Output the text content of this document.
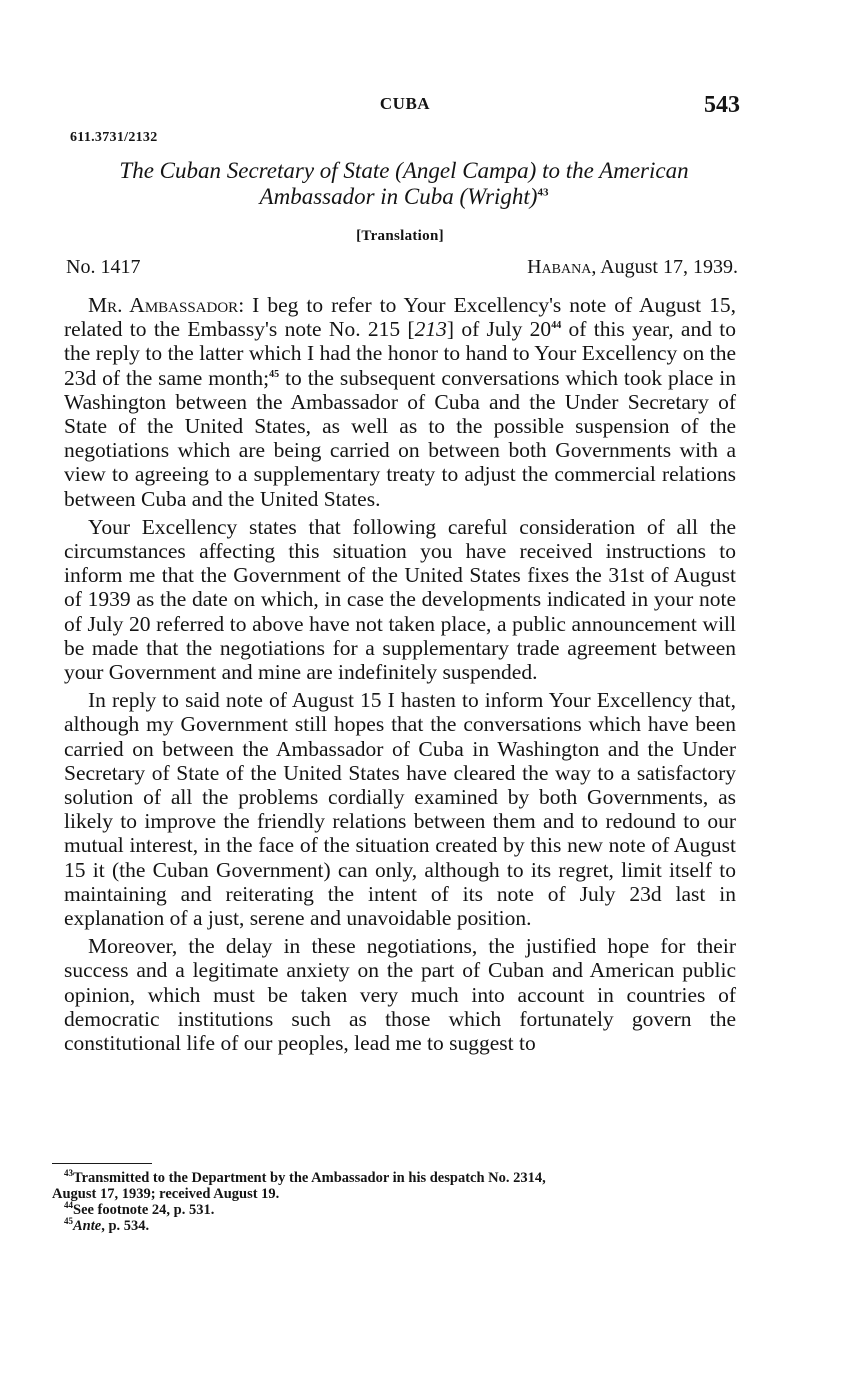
CUBA	543
611.3731/2132
The Cuban Secretary of State (Angel Campa) to the American
Ambassador in Cuba (Wright)$^{43}$
[Translation]
No. 1417	Habana, August 17, 1939.

Mr. Ambassador: I beg to refer to Your Excellency's note of August 15, related to the Embassy's note No. 215 [213] of July $20^{44}$ of this year, and to the reply to the latter which I had the honor to hand to Your Excellency on the 23d of the same month;$^{45}$ to the subsequent conversations which took place in Washington between the Ambassador of Cuba and the Under Secretary of State of the United States, as well as to the possible suspension of the negotiations which are being carried on between both Governments with a view to agreeing to a supplementary treaty to adjust the commercial relations between Cuba and the United States.

Your Excellency states that following careful consideration of all the circumstances affecting this situation you have received instructions to inform me that the Government of the United States fixes the 31st of August of 1939 as the date on which, in case the developments indicated in your note of July 20 referred to above have not taken place, a public announcement will be made that the negotiations for a supplementary trade agreement between your Government and mine are indefinitely suspended.

In reply to said note of August 15 I hasten to inform Your Excellency that, although my Government still hopes that the conversations which have been carried on between the Ambassador of Cuba in Washington and the Under Secretary of State of the United States have cleared the way to a satisfactory solution of all the problems cordially examined by both Governments, as likely to improve the friendly relations between them and to redound to our mutual interest, in the face of the situation created by this new note of August 15 it (the Cuban Government) can only, although to its regret, limit itself to maintaining and reiterating the intent of its note of July 23d last in explanation of a just, serene and unavoidable position.

Moreover, the delay in these negotiations, the justified hope for their success and a legitimate anxiety on the part of Cuban and American public opinion, which must be taken very much into account in countries of democratic institutions such as those which fortunately govern the constitutional life of our peoples, lead me to suggest to

$^{43}$Transmitted to the Department by the Ambassador in his despatch No. 2314,
August 17, 1939; received August 19.
$^{44}$See footnote 24, p. 531.
$^{45}$Ante, p. 534.
